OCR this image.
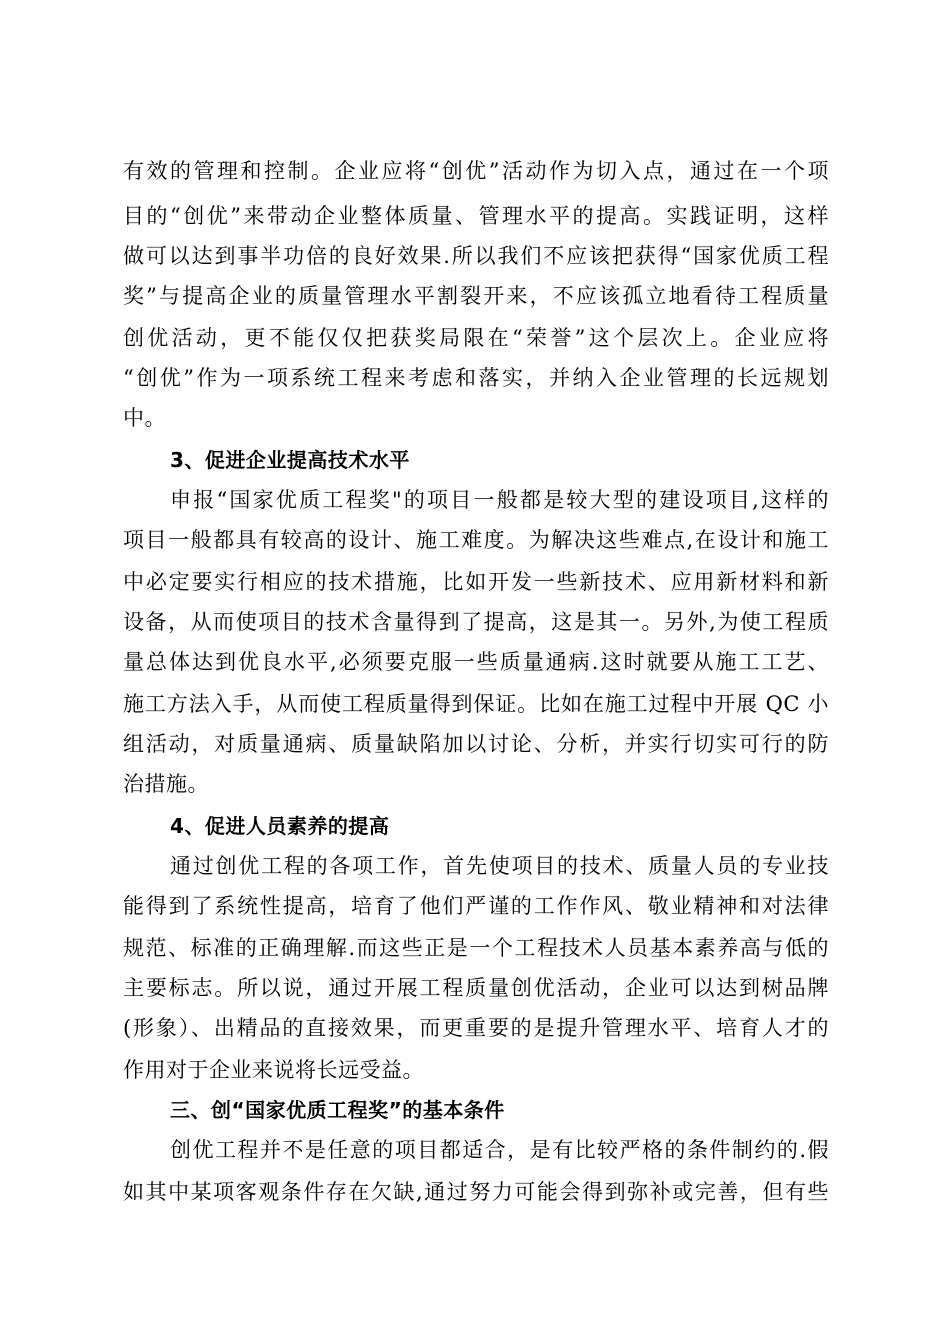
有效的管理和控制。企业应将“创优”活动作为切入点，通过在一个项
目的“创优”来带动企业整体质量、管理水平的提高。实践证明，这样
做可以达到事半功倍的良好效果.所以我们不应该把获得“国家优质工程
奖”与提高企业的质量管理水平割裂开来，不应该孤立地看待工程质量
创优活动，更不能仅仅把获奖局限在“荣誉”这个层次上。企业应将
“创优”作为一项系统工程来考虑和落实，并纳入企业管理的长远规划
中。
3、促进企业提高技术水平
申报“国家优质工程奖"的项目一般都是较大型的建设项目,这样的
项目一般都具有较高的设计、施工难度。为解决这些难点,在设计和施工
中必定要实行相应的技术措施，比如开发一些新技术、应用新材料和新
设备，从而使项目的技术含量得到了提高，这是其一。另外,为使工程质
量总体达到优良水平,必须要克服一些质量通病.这时就要从施工工艺、
施工方法入手，从而使工程质量得到保证。比如在施工过程中开展 QC 小
组活动，对质量通病、质量缺陷加以讨论、分析，并实行切实可行的防
治措施。
4、促进人员素养的提高
通过创优工程的各项工作，首先使项目的技术、质量人员的专业技
能得到了系统性提高，培育了他们严谨的工作作风、敬业精神和对法律
规范、标准的正确理解.而这些正是一个工程技术人员基本素养高与低的
主要标志。所以说，通过开展工程质量创优活动，企业可以达到树品牌
(形象）、出精品的直接效果，而更重要的是提升管理水平、培育人才的
作用对于企业来说将长远受益。
三、创“国家优质工程奖”的基本条件
创优工程并不是任意的项目都适合，是有比较严格的条件制约的.假
如其中某项客观条件存在欠缺,通过努力可能会得到弥补或完善，但有些
